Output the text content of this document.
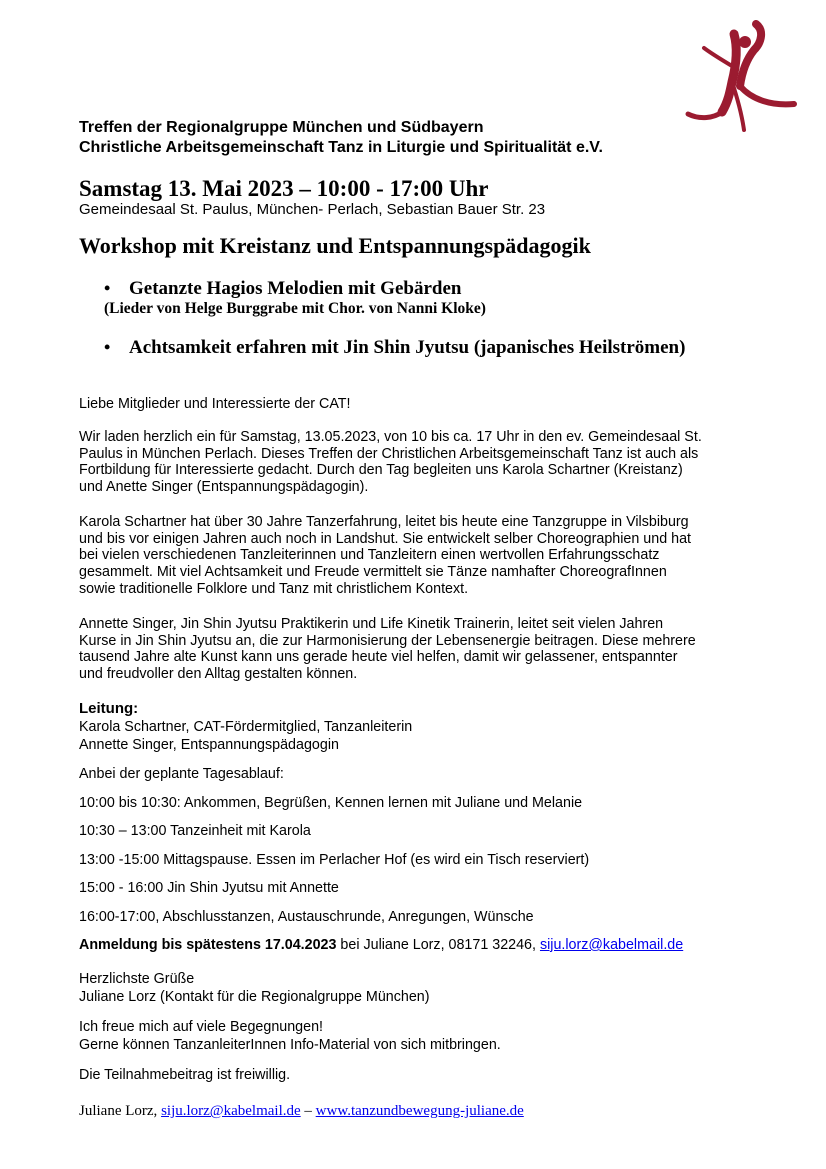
Treffen der Regionalgruppe München und Südbayern
Christliche Arbeitsgemeinschaft Tanz in Liturgie und Spiritualität e.V.
Samstag 13. Mai 2023 – 10:00 - 17:00 Uhr
Gemeindesaal St. Paulus, München- Perlach, Sebastian Bauer Str. 23
Workshop mit Kreistanz und Entspannungspädagogik
• Getanzte Hagios Melodien mit Gebärden
(Lieder von Helge Burggrabe mit Chor. von Nanni Kloke)
• Achtsamkeit erfahren mit Jin Shin Jyutsu (japanisches Heilströmen)
Liebe Mitglieder und Interessierte der CAT!
Wir laden herzlich ein für Samstag, 13.05.2023, von 10 bis ca. 17 Uhr in den ev. Gemeindesaal St.
Paulus in München Perlach. Dieses Treffen der Christlichen Arbeitsgemeinschaft Tanz ist auch als
Fortbildung für Interessierte gedacht. Durch den Tag begleiten uns Karola Schartner (Kreistanz)
und Anette Singer (Entspannungspädagogin).
Karola Schartner hat über 30 Jahre Tanzerfahrung, leitet bis heute eine Tanzgruppe in Vilsbiburg
und bis vor einigen Jahren auch noch in Landshut. Sie entwickelt selber Choreographien und hat
bei vielen verschiedenen Tanzleiterinnen und Tanzleitern einen wertvollen Erfahrungsschatz
gesammelt. Mit viel Achtsamkeit und Freude vermittelt sie Tänze namhafter ChoreografInnen
sowie traditionelle Folklore und Tanz mit christlichem Kontext.
Annette Singer, Jin Shin Jyutsu Praktikerin und Life Kinetik Trainerin, leitet seit vielen Jahren
Kurse in Jin Shin Jyutsu an, die zur Harmonisierung der Lebensenergie beitragen. Diese mehrere
tausend Jahre alte Kunst kann uns gerade heute viel helfen, damit wir gelassener, entspannter
und freudvoller den Alltag gestalten können.
Leitung:
Karola Schartner, CAT-Fördermitglied, Tanzanleiterin
Annette Singer, Entspannungspädagogin
Anbei der geplante Tagesablauf:
10:00 bis 10:30: Ankommen, Begrüßen, Kennen lernen mit Juliane und Melanie
10:30 – 13:00 Tanzeinheit mit Karola
13:00 -15:00 Mittagspause. Essen im Perlacher Hof (es wird ein Tisch reserviert)
15:00 - 16:00 Jin Shin Jyutsu mit Annette
16:00-17:00, Abschlusstanzen, Austauschrunde, Anregungen, Wünsche
Anmeldung bis spätestens 17.04.2023 bei Juliane Lorz, 08171 32246, siju.lorz@kabelmail.de
Herzlichste Grüße
Juliane Lorz (Kontakt für die Regionalgruppe München)
Ich freue mich auf viele Begegnungen!
Gerne können TanzanleiterInnen Info-Material von sich mitbringen.
Die Teilnahmebeitrag ist freiwillig.
Juliane Lorz, siju.lorz@kabelmail.de – www.tanzundbewegung-juliane.de
